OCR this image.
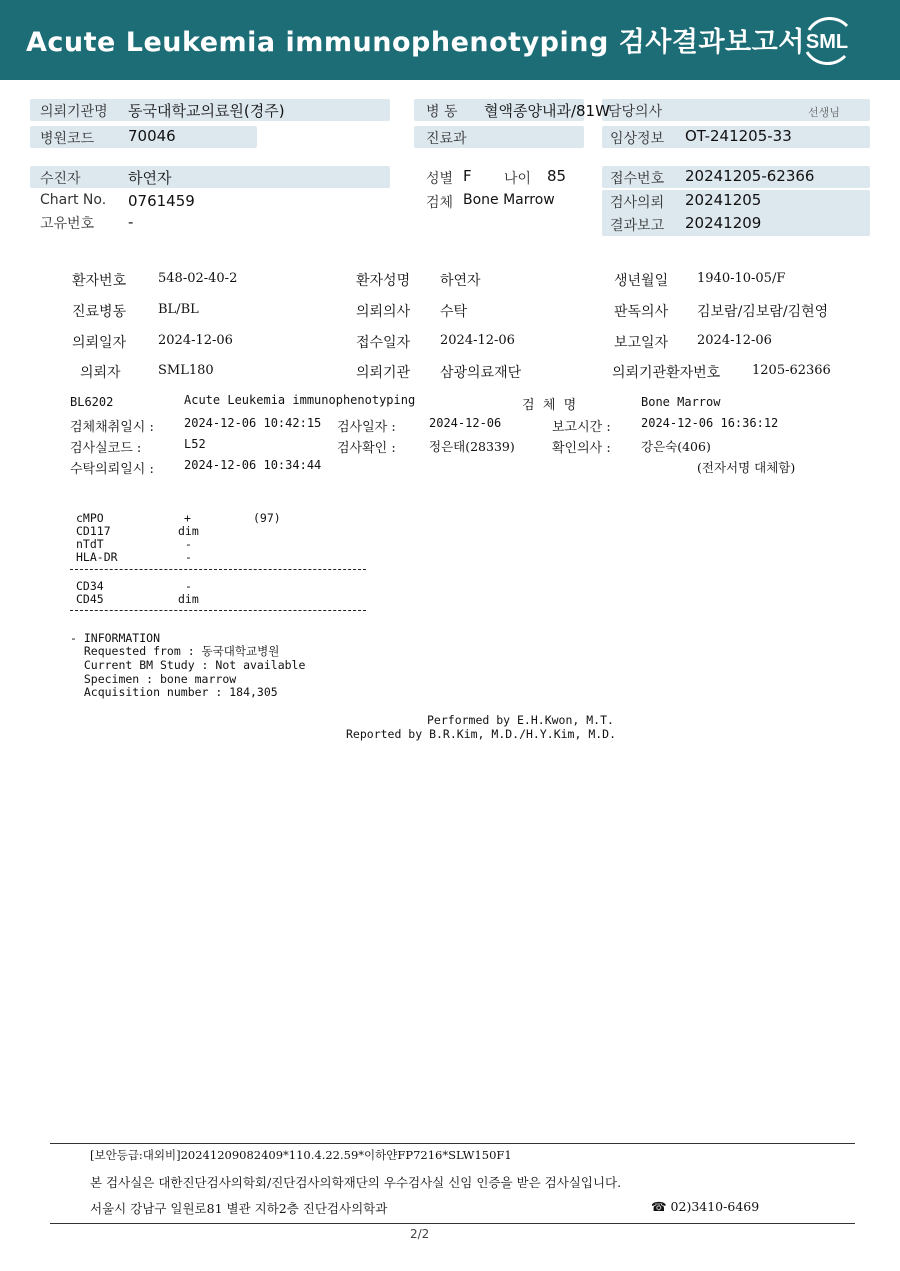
Acute Leukemia immunophenotyping 검사결과보고서 SML
의뢰기관명 동국대학교의료원(경주)	병 동 혈액종양내과/81W
담당의사	선생님
병원코드 70046	진료과	임상정보 OT-241205-33
수진자	하연자	성별 F 나이 85	접수번호 20241205-62366
Chart No. 0761459	검체 Bone Marrow	검사의뢰 20241205
고유번호 -	결과보고 20241209
환자번호 548-02-40-2	환자성명 하연자	생년월일 1940-10-05/F
진료병동 BL/BL	의뢰의사 수탁	판독의사 김보람/김보람/김현영
의뢰일자 2024-12-06	접수일자 2024-12-06	보고일자 2024-12-06
의뢰자	SML180	의뢰기관 삼광의료재단	의뢰기관환자번호 1205-62366
BL6202	Acute Leukemia immunophenotyping	검  체  명	Bone Marrow
검체채취일시 :	2024-12-06 10:42:15 검사일자 :	2024-12-06	보고시간 :	2024-12-06 16:36:12
검사실코드 :	L52	검사확인 :	정은태(28339)	확인의사 : 강은숙(406)
수탁의뢰일시 :	2024-12-06 10:34:44	(전자서명 대체함)
cMPO	+	(97)
CD117	dim
nTdT	-
HLA-DR	-
CD34	-
CD45	dim
- INFORMATION
Requested from : 동국대학교병원
Current BM Study : Not available
Specimen : bone marrow
Acquisition number : 184,305
Performed by E.H.Kwon, M.T.
Reported by B.R.Kim, M.D./H.Y.Kim, M.D.
[보안등급:대외비]20241209082409*110.4.22.59*이하얀FP7216*SLW150F1
본 검사실은 대한진단검사의학회/진단검사의학재단의 우수검사실 신임 인증을 받은 검사실입니다.
서울시 강남구 일원로81 별관 지하2층 진단검사의학과	☎ 02)3410-6469
2/2
